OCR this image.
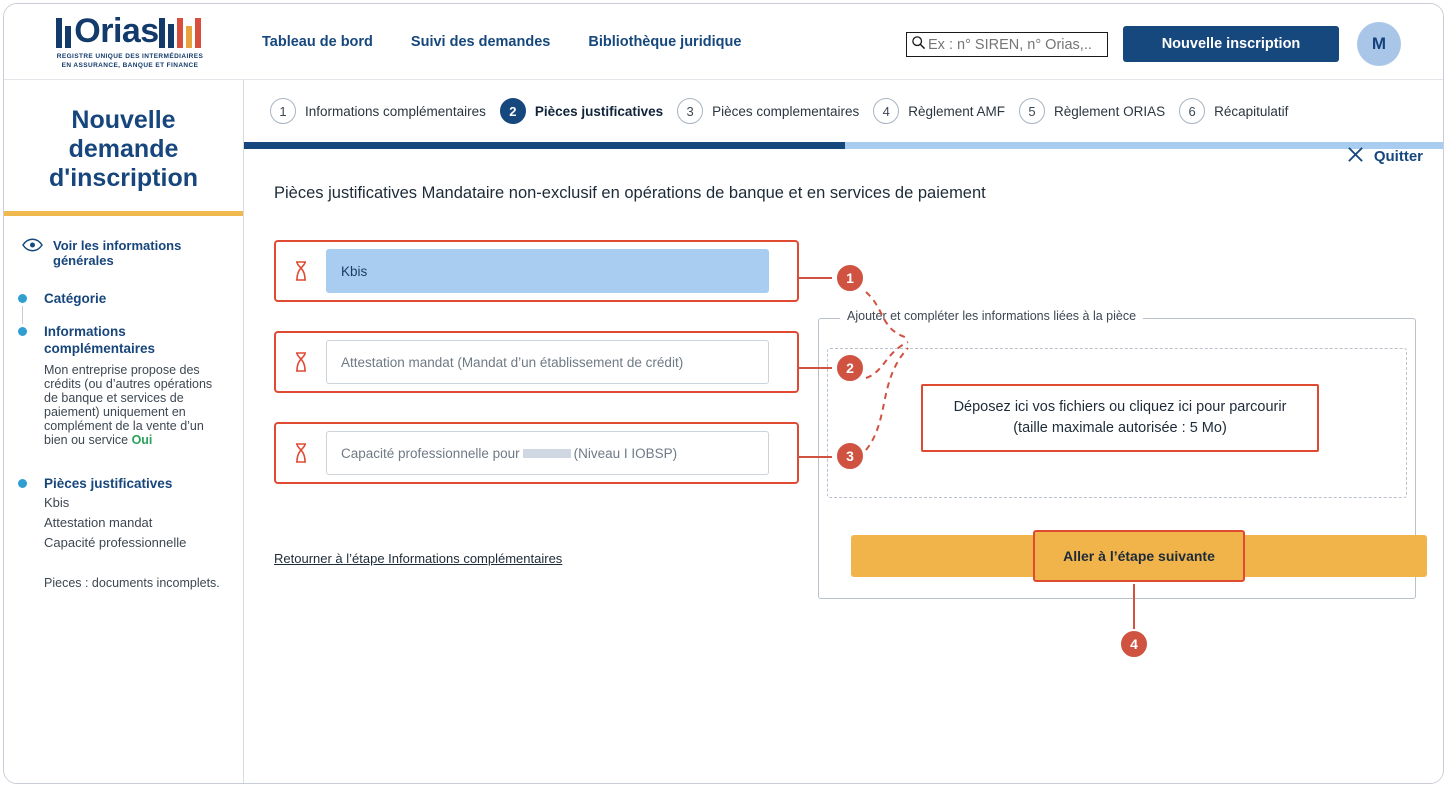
Orias
REGISTRE UNIQUE DES INTERMÉDIAIRES
EN ASSURANCE, BANQUE ET FINANCE
Tableau de bord	Suivi des demandes	Bibliothèque juridique
Ex : n° SIREN, n° Orias,..	Nouvelle inscription	M
Nouvelle demande d'inscription
Voir les informations générales
Catégorie
Informations complémentaires
Mon entreprise propose des crédits (ou d’autres opérations de banque et services de paiement) uniquement en complément de la vente d’un bien ou service Oui
Pièces justificatives
Kbis
Attestation mandat
Capacité professionnelle
Pieces : documents incomplets.
1	Informations complémentaires	2	Pièces justificatives	3	Pièces complementaires	4	Règlement AMF	5	Règlement ORIAS	6	Récapitulatif
Quitter
Pièces justificatives Mandataire non-exclusif en opérations de banque et en services de paiement
Kbis
Attestation mandat (Mandat d’un établissement de crédit)
Capacité professionnelle pour	(Niveau I IOBSP)
Ajouter et compléter les informations liées à la pièce
Déposez ici vos fichiers ou cliquez ici pour parcourir
(taille maximale autorisée : 5 Mo)
Retourner à l’étape Informations complémentaires	Aller à l’étape suivante
1
2
3
4
